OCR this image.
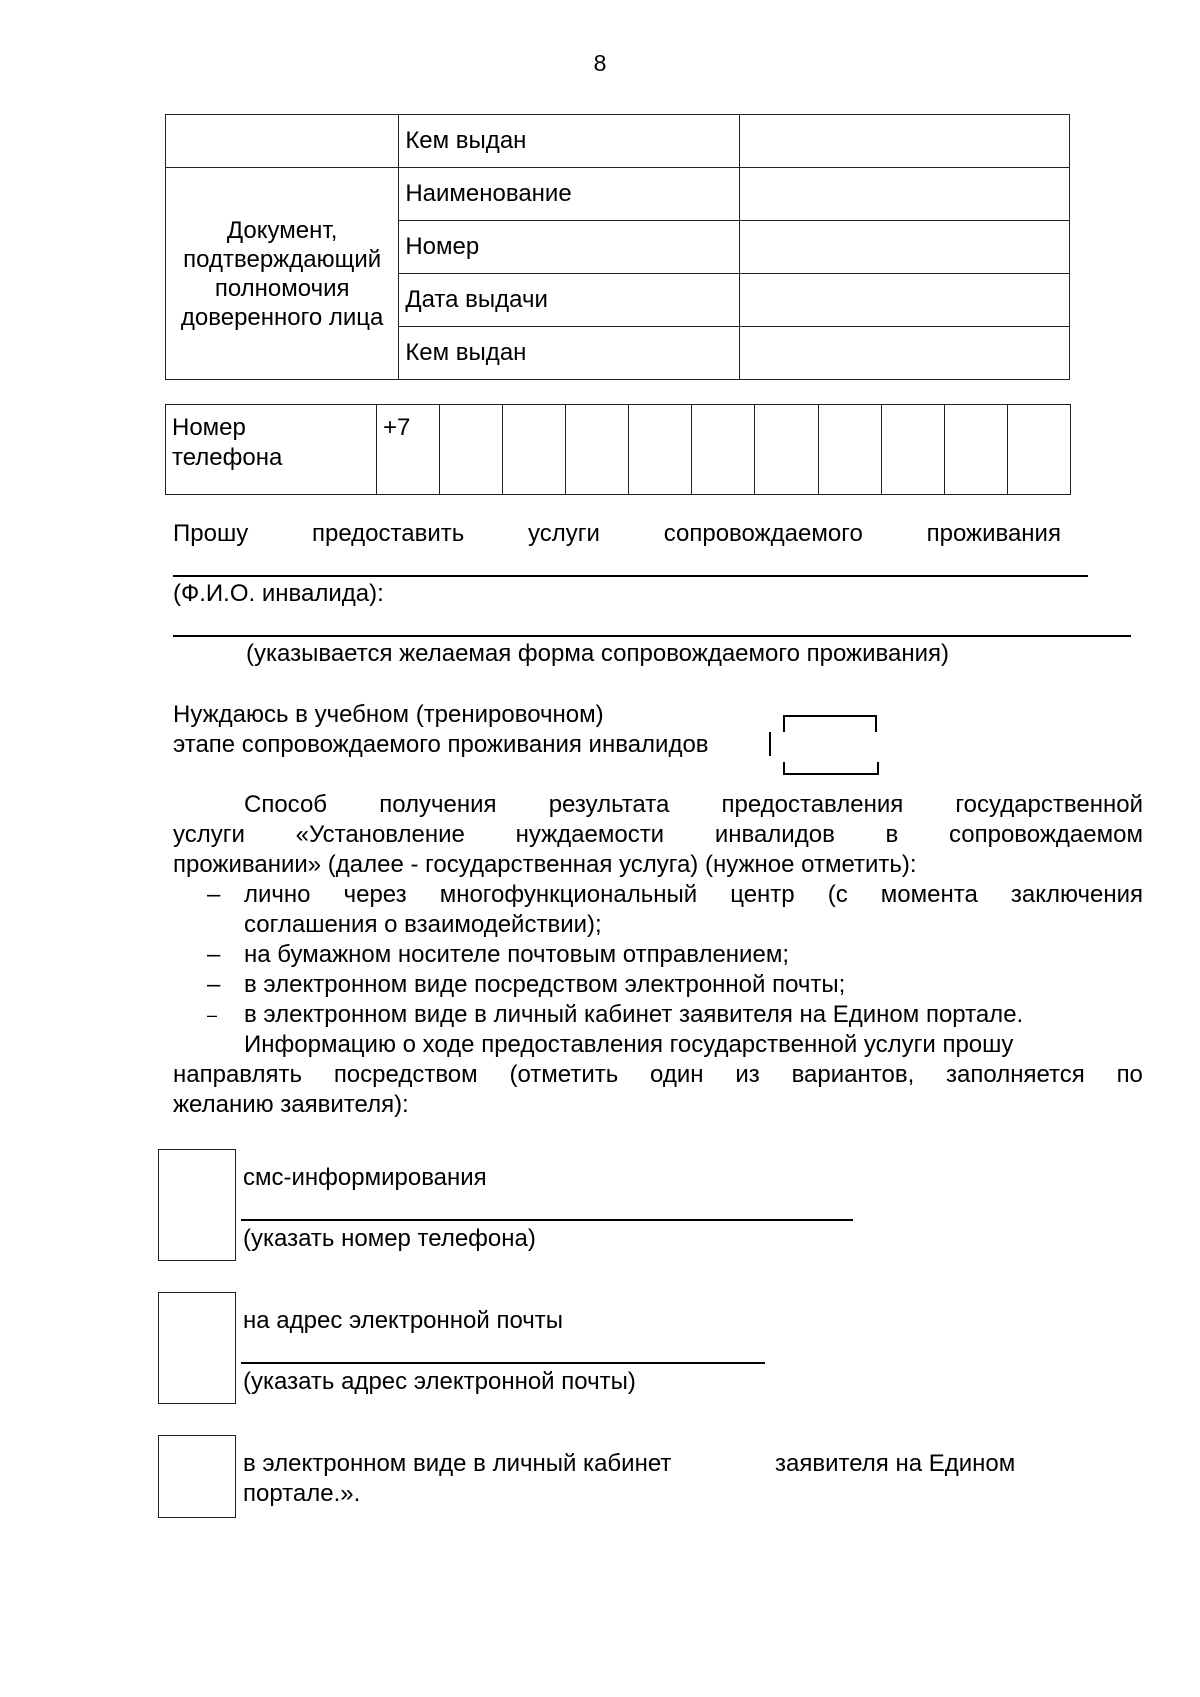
8
	Кем выдан	

Документ,
подтверждающий
полномочия
доверенного лица	Наименование	
	Номер	
	Дата выдачи	
	Кем выдан	
Номер
телефона
	+7										
Прошу	предоставить	услуги	сопровождаемого	проживания
(Ф.И.О. инвалида):
(указывается желаемая форма сопровождаемого проживания)
Нуждаюсь в учебном (тренировочном)
этапе сопровождаемого проживания инвалидов
Способ получения результата предоставления государственной
услуги «Установление нуждаемости инвалидов в сопровождаемом
проживании» (далее - государственная услуга) (нужное отметить):
– лично через многофункциональный центр (с момента заключения
соглашения о взаимодействии);
– на бумажном носителе почтовым отправлением;
– в электронном виде посредством электронной почты;
– в электронном виде в личный кабинет заявителя на Едином портале.
Информацию о ходе предоставления государственной услуги прошу
направлять посредством (отметить один из вариантов, заполняется по
желанию заявителя):
смс-информирования
(указать номер телефона)
на адрес электронной почты
(указать адрес электронной почты)
в электронном виде в личный кабинет	заявителя на Едином
портале.».
